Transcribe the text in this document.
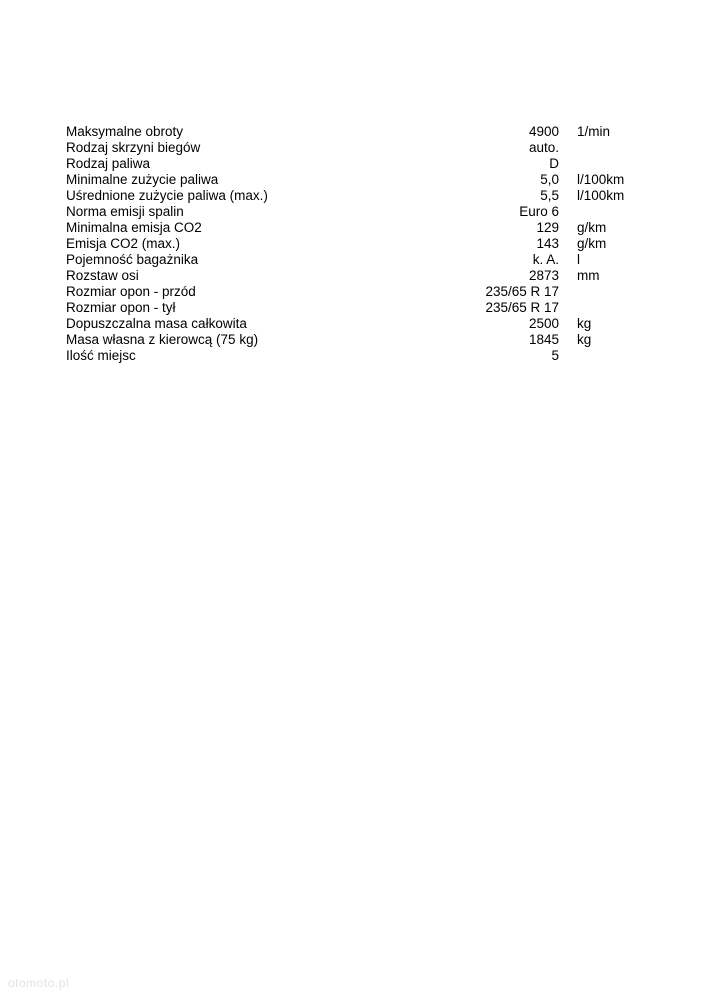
Maksymalne obroty	4900	1/min
Rodzaj skrzyni biegów	auto.	
Rodzaj paliwa	D	
Minimalne zużycie paliwa	5,0	l/100km
Uśrednione zużycie paliwa (max.)	5,5	l/100km
Norma emisji spalin	Euro 6	
Minimalna emisja CO2	129	g/km
Emisja CO2 (max.)	143	g/km
Pojemność bagażnika	k. A.	l
Rozstaw osi	2873	mm
Rozmiar opon - przód	235/65 R 17	
Rozmiar opon - tył	235/65 R 17	
Dopuszczalna masa całkowita	2500	kg
Masa własna z kierowcą (75 kg)	1845	kg
Ilość miejsc	5	
otomoto.pl
